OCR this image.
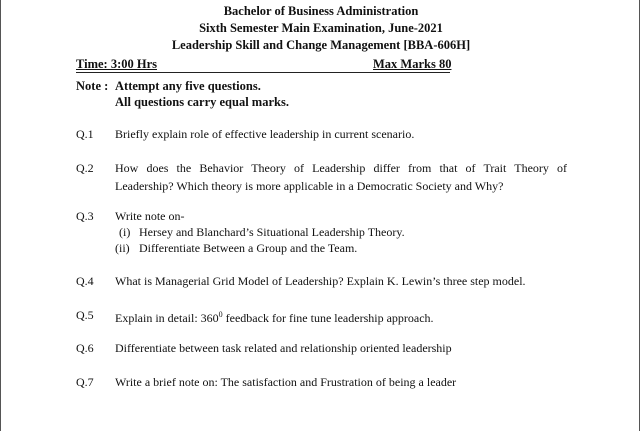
Bachelor of Business Administration
Sixth Semester Main Examination, June-2021
Leadership Skill and Change Management [BBA-606H]
Time: 3:00 Hrs	Max Marks 80
Note : Attempt any five questions.
All questions carry equal marks.
Q.1 Briefly explain role of effective leadership in current scenario.
Q.2 How does the Behavior Theory of Leadership differ from that of Trait Theory of
Leadership? Which theory is more applicable in a Democratic Society and Why?
Q.3 Write note on-
(i) Hersey and Blanchard’s Situational Leadership Theory.
(ii) Differentiate Between a Group and the Team.
Q.4 What is Managerial Grid Model of Leadership? Explain K. Lewin’s three step model.
Q.5 Explain in detail: $360^0$ feedback for fine tune leadership approach.
Q.6 Differentiate between task related and relationship oriented leadership
Q.7 Write a brief note on: The satisfaction and Frustration of being a leader
